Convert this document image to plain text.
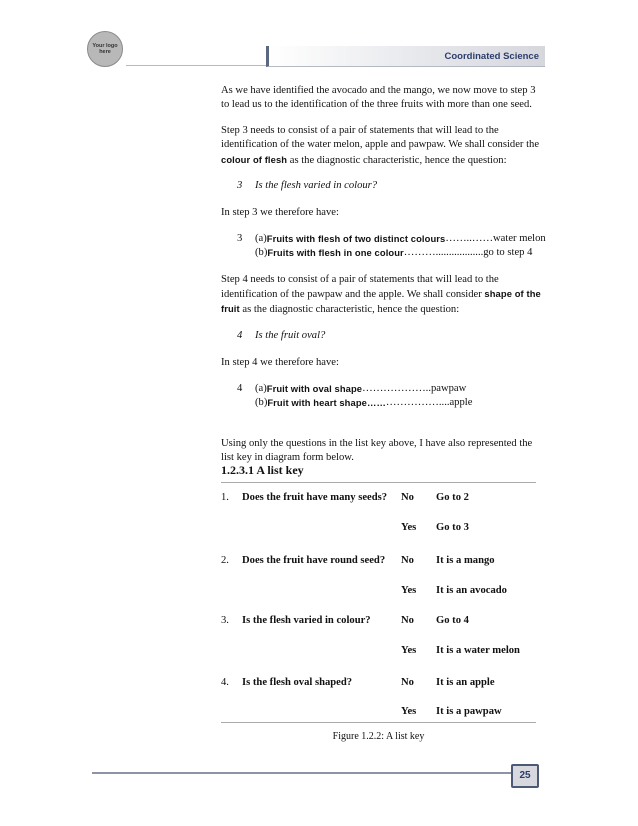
Your logo here	Coordinated Science

As we have identified the avocado and the mango, we now move to step 3 to lead us to the identification of the three fruits with more than one seed.

Step 3 needs to consist of a pair of statements that will lead to the identification of the water melon, apple and pawpaw. We shall consider the colour of flesh as the diagnostic characteristic, hence the question:

3 Is the flesh varied in colour?

In step 3 we therefore have:

3	(a) Fruits with flesh of two distinct colours ……..…… water melon
(b) Fruits with flesh in one colour ……….................. go to step 4

Step 4 needs to consist of a pair of statements that will lead to the identification of the pawpaw and the apple. We shall consider shape of the fruit as the diagnostic characteristic, hence the question:

4 Is the fruit oval?

In step 4 we therefore have:

4	(a) Fruit with oval shape ……………….. pawpaw
(b) Fruit with heart shape…… …………….... apple

Using only the questions in the list key above, I have also represented the list key in diagram form below.

1.2.3.1 A list key
1. Does the fruit have many seeds? No Go to 2
Yes Go to 3
2. Does the fruit have round seed? No It is a mango
Yes It is an avocado
3. Is the flesh varied in colour?	No Go to 4
Yes It is a water melon
4. Is the flesh oval shaped?	No It is an apple
Yes It is a pawpaw
Figure 1.2.2: A list key
25
